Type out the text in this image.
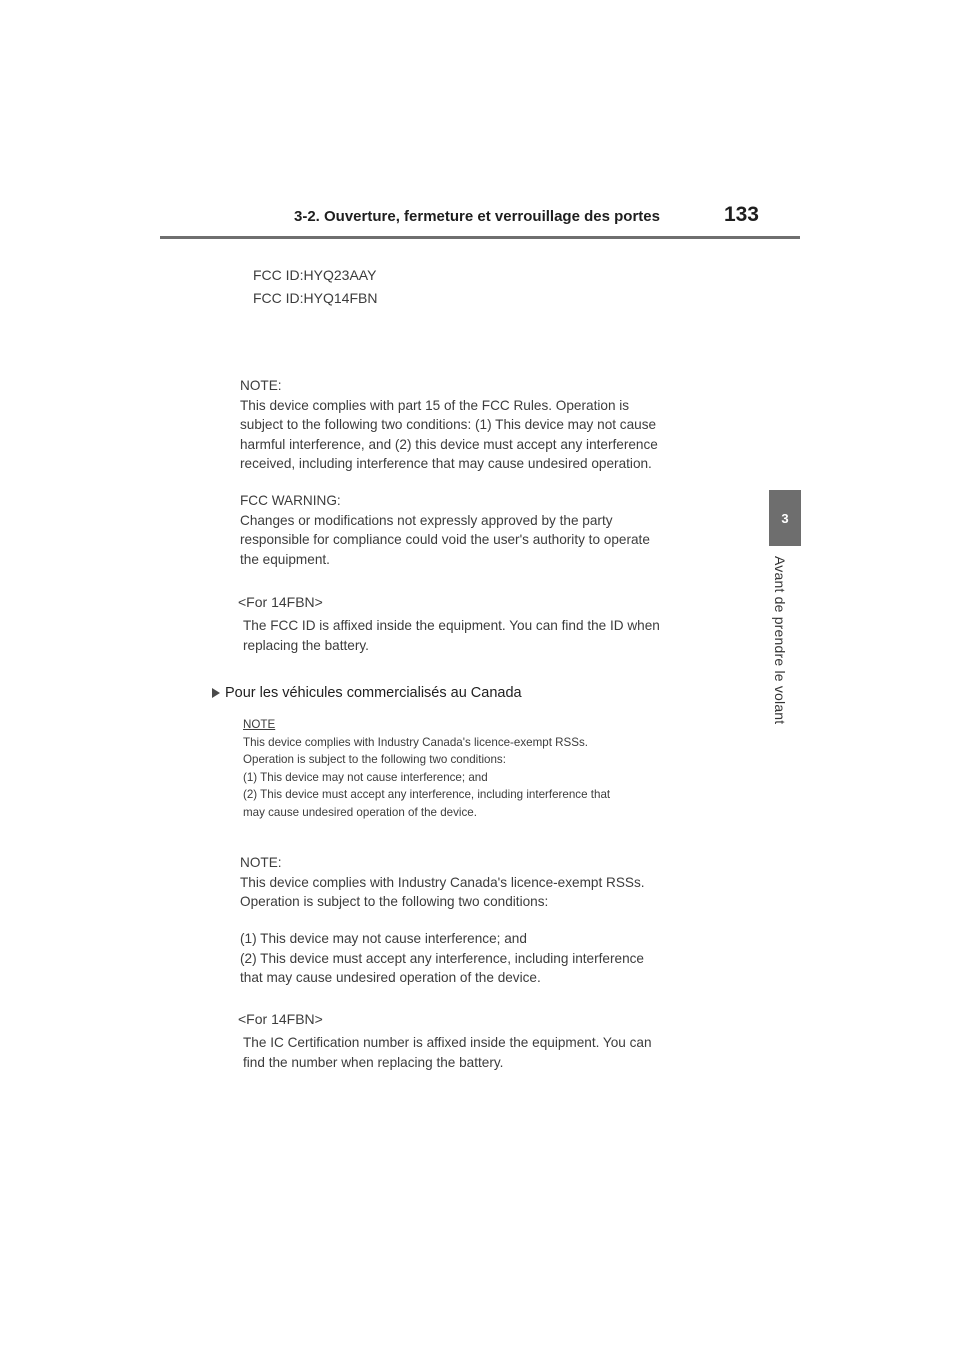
3-2. Ouverture, fermeture et verrouillage des portes	133
3
Avant de prendre le volant
FCC ID:HYQ23AAY
FCC ID:HYQ14FBN
NOTE:
This device complies with part 15 of the FCC Rules. Operation is
subject to the following two conditions: (1) This device may not cause
harmful interference, and (2) this device must accept any interference
received, including interference that may cause undesired operation.
FCC WARNING:
Changes or modifications not expressly approved by the party
responsible for compliance could void the user's authority to operate
the equipment.
<For 14FBN>
The FCC ID is affixed inside the equipment. You can find the ID when
replacing the battery.
Pour les véhicules commercialisés au Canada
NOTE
This device complies with Industry Canada's licence-exempt RSSs.
Operation is subject to the following two conditions:
(1) This device may not cause interference; and
(2) This device must accept any interference, including interference that
may cause undesired operation of the device.
NOTE:
This device complies with Industry Canada's licence-exempt RSSs.
Operation is subject to the following two conditions:
(1) This device may not cause interference; and
(2) This device must accept any interference, including interference
that may cause undesired operation of the device.
<For 14FBN>
The IC Certification number is affixed inside the equipment. You can
find the number when replacing the battery.
